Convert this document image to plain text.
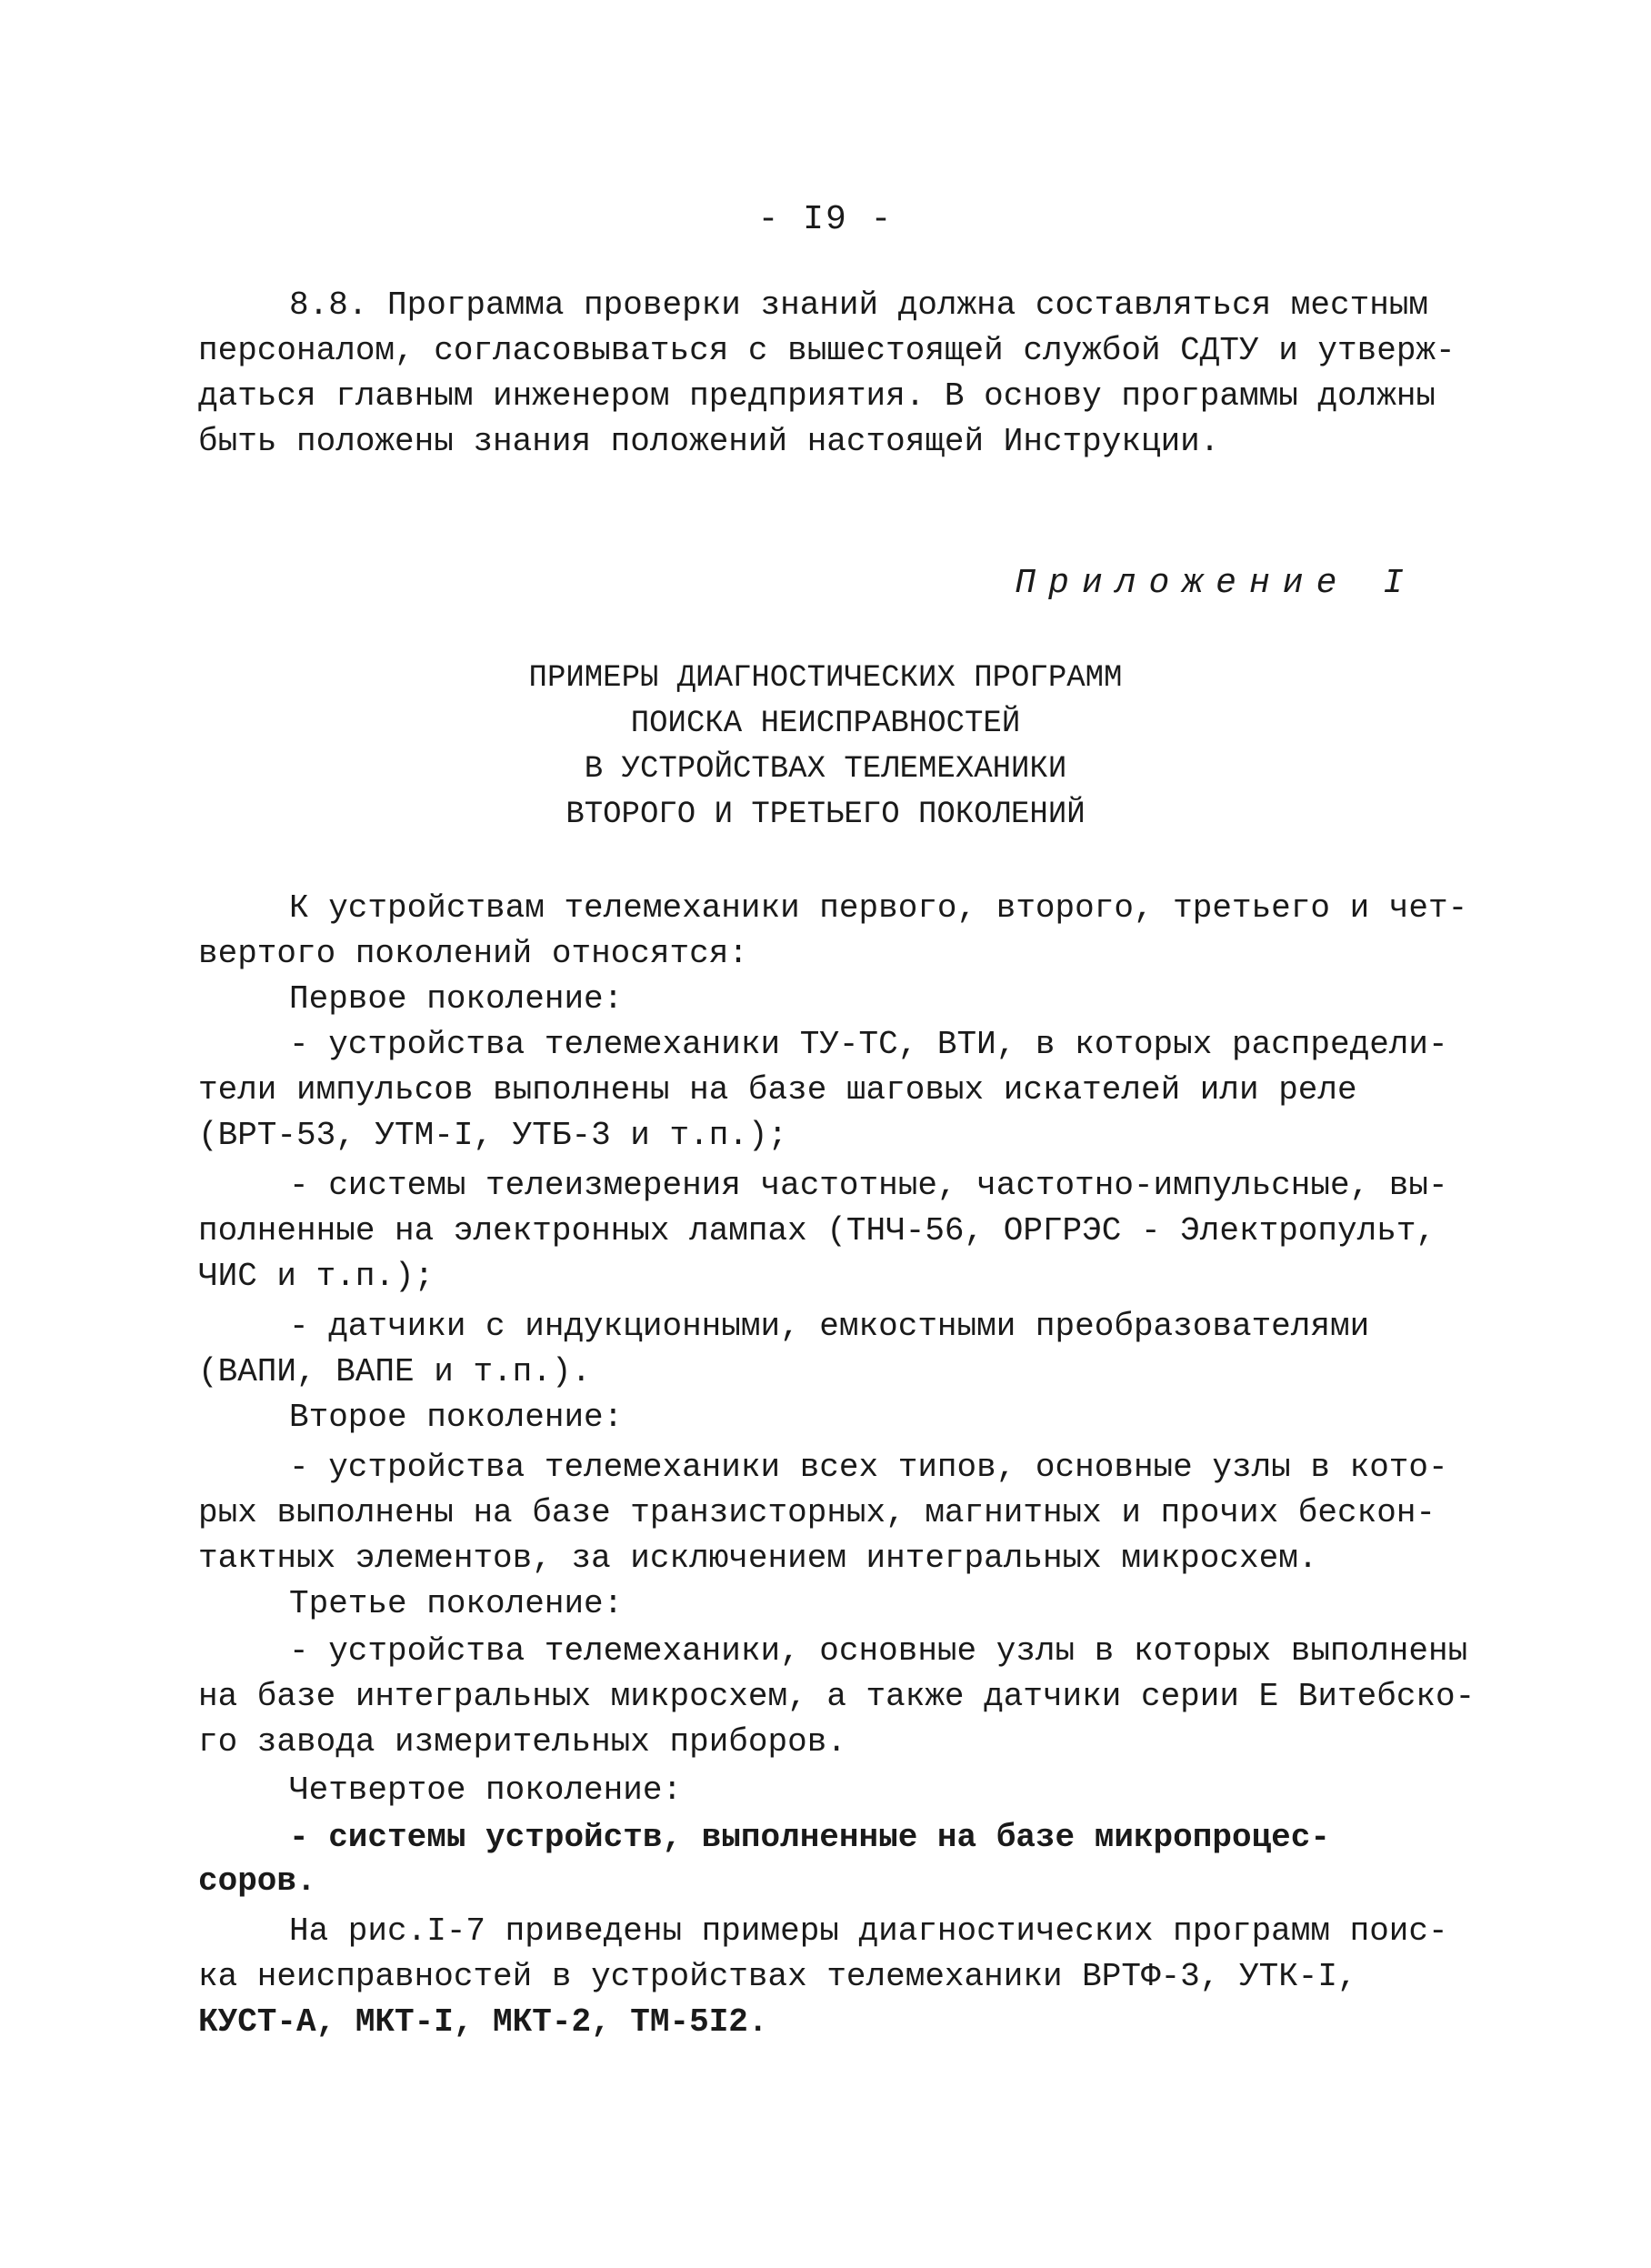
- I9 -
8.8. Программа проверки знаний должна составляться местным
персоналом, согласовываться с вышестоящей службой СДТУ и утверж-
даться главным инженером предприятия. В основу программы должны
быть положены знания положений настоящей Инструкции.
Приложение I
ПРИМЕРЫ ДИАГНОСТИЧЕСКИХ ПРОГРАММ
ПОИСКА НЕИСПРАВНОСТЕЙ
В УСТРОЙСТВАХ ТЕЛЕМЕХАНИКИ
ВТОРОГО И ТРЕТЬЕГО ПОКОЛЕНИЙ
К устройствам телемеханики первого, второго, третьего и чет-
вертого поколений относятся:
Первое поколение:
- устройства телемеханики ТУ-ТС, ВТИ, в которых распредели-
тели импульсов выполнены на базе шаговых искателей или реле
(ВРТ-53, УТМ-I, УТБ-3 и т.п.);
- системы телеизмерения частотные, частотно-импульсные, вы-
полненные на электронных лампах (ТНЧ-56, ОРГРЭС - Электропульт,
ЧИС и т.п.);
- датчики с индукционными, емкостными преобразователями
(ВАПИ, ВАПЕ и т.п.).
Второе поколение:
- устройства телемеханики всех типов, основные узлы в кото-
рых выполнены на базе транзисторных, магнитных и прочих бескон-
тактных элементов, за исключением интегральных микросхем.
Третье поколение:
- устройства телемеханики, основные узлы в которых выполнены
на базе интегральных микросхем, а также датчики серии Е Витебско-
го завода измерительных приборов.
Четвертое поколение:
- системы устройств, выполненные на базе микропроцес-
соров.
На рис.I-7 приведены примеры диагностических программ поис-
ка неисправностей в устройствах телемеханики ВРТФ-3, УТК-I,
КУСТ-А, МКТ-I, МКТ-2, ТМ-5I2.
